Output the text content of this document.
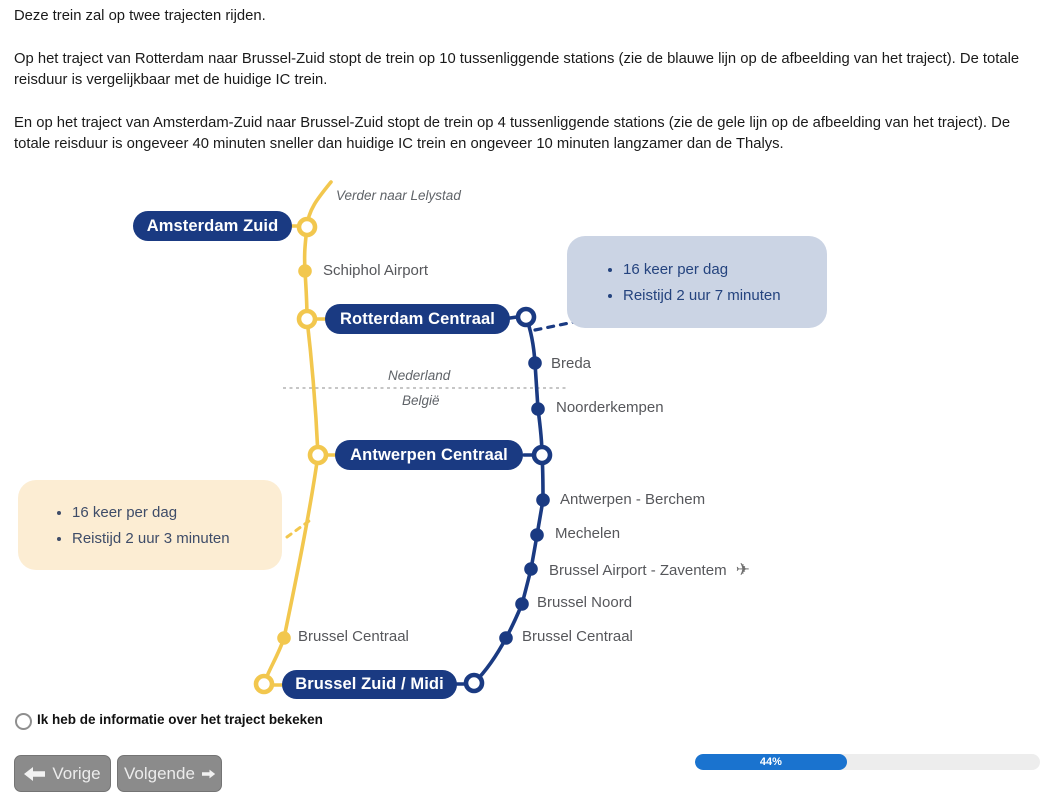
Deze trein zal op twee trajecten rijden.

Op het traject van Rotterdam naar Brussel-Zuid stopt de trein op 10 tussenliggende stations (zie de blauwe lijn op de afbeelding van het traject). De totale reisduur is vergelijkbaar met de huidige IC trein.

En op het traject van Amsterdam-Zuid naar Brussel-Zuid stopt de trein op 4 tussenliggende stations (zie de gele lijn op de afbeelding van het traject). De totale reisduur is ongeveer 40 minuten sneller dan huidige IC trein en ongeveer 10 minuten langzamer dan de Thalys.

Amsterdam Zuid
Rotterdam Centraal
Antwerpen Centraal
Brussel Zuid / Midi
Schiphol Airport
Breda
Noorderkempen
Antwerpen - Berchem
Mechelen
Brussel Airport - Zaventem ✈
Brussel Noord
Brussel Centraal
Brussel Centraal
Verder naar Lelystad
Nederland
België
• 16 keer per dag
• Reistijd 2 uur 7 minuten
• 16 keer per dag
• Reistijd 2 uur 3 minuten
Ik heb de informatie over het traject bekeken
Vorige Volgende
44%
